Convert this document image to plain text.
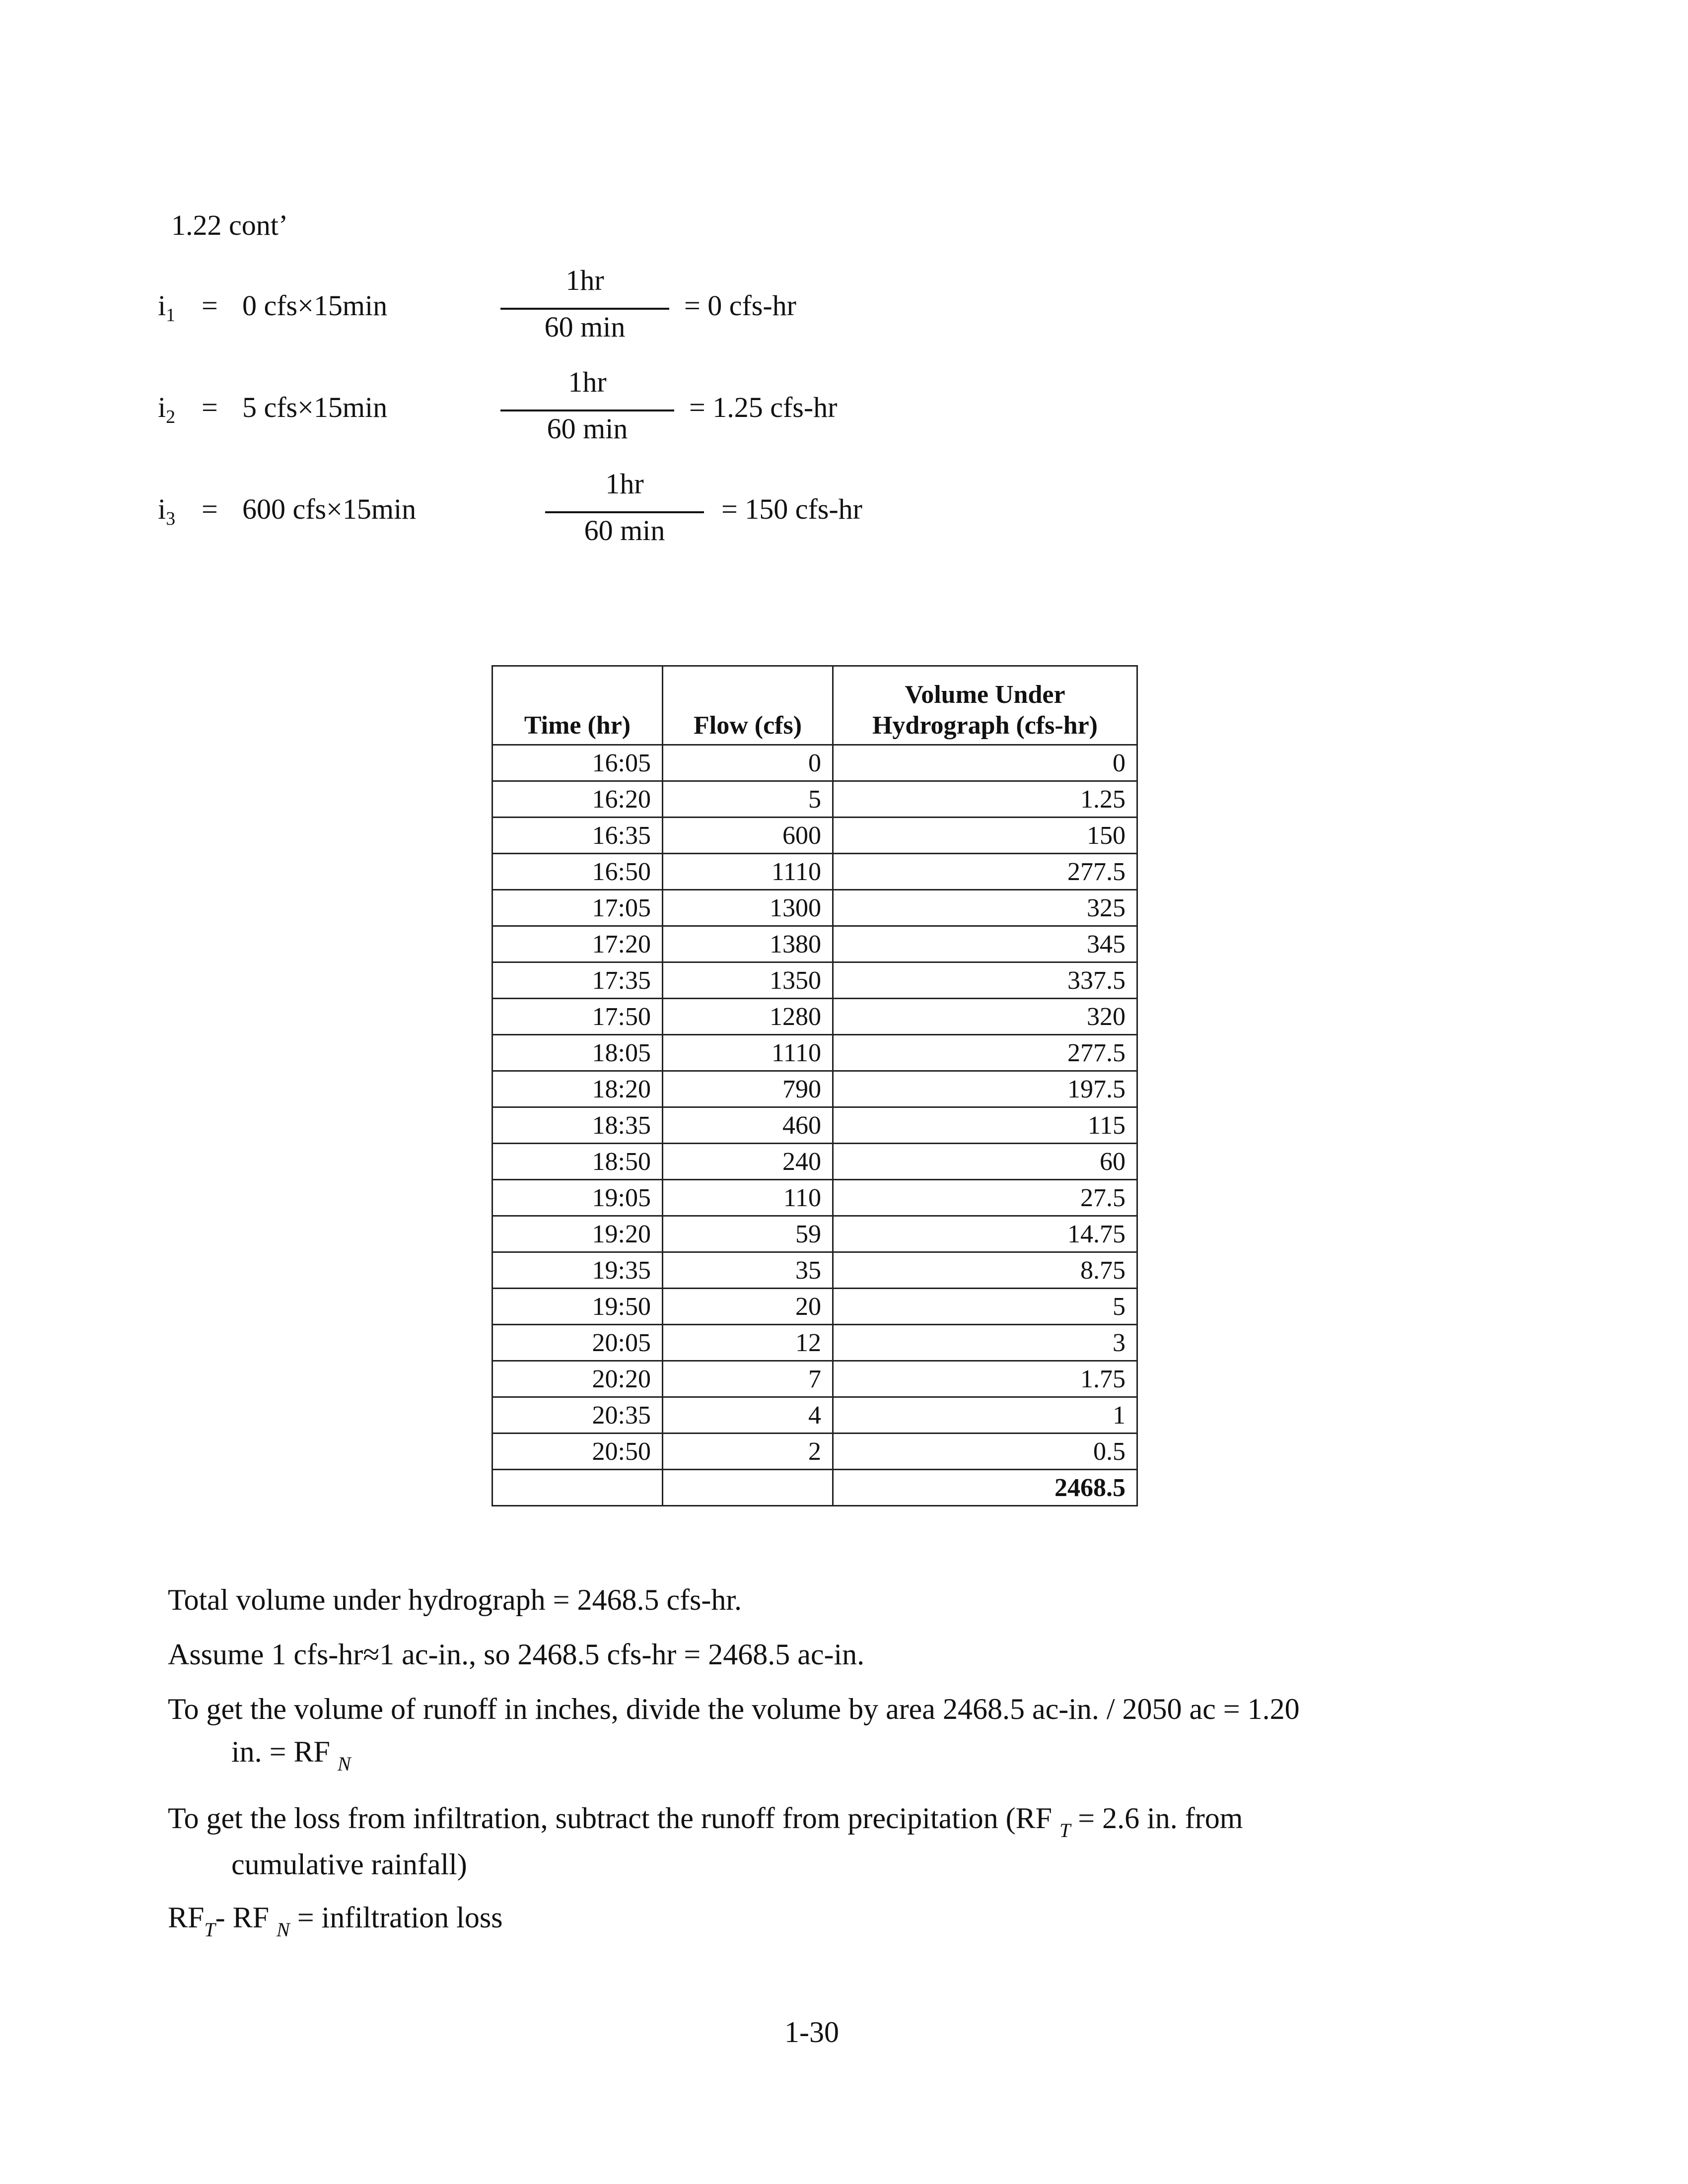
1.22 cont’
$i_1 = 0$ cfs×15min
1hr
60 min
= 0 cfs-hr
$i_2 = 5$ cfs×15min
1hr
60 min
= 1.25 cfs-hr
$i_3 = 600$ cfs×15min
1hr
60 min
= 150 cfs-hr
Time (hr)	Flow (cfs)	Volume Under
Hydrograph (cfs-hr)
16:05	0	0
16:20	5	1.25
16:35	600	150
16:50	1110	277.5
17:05	1300	325
17:20	1380	345
17:35	1350	337.5
17:50	1280	320
18:05	1110	277.5
18:20	790	197.5
18:35	460	115
18:50	240	60
19:05	110	27.5
19:20	59	14.75
19:35	35	8.75
19:50	20	5
20:05	12	3
20:20	7	1.75
20:35	4	1
20:50	2	0.5
		2468.5
Total volume under hydrograph = 2468.5 cfs-hr.
Assume 1 cfs-hr≈1 ac-in., so 2468.5 cfs-hr = 2468.5 ac-in.
To get the volume of runoff in inches, divide the volume by area 2468.5 ac-in. / 2050 ac = 1.20
in. = RF $_N$
To get the loss from infiltration, subtract the runoff from precipitation (RF $_T$ = 2.6 in. from
cumulative rainfall)
$RF_T-$ RF $_N$ = infiltration loss
1-30
